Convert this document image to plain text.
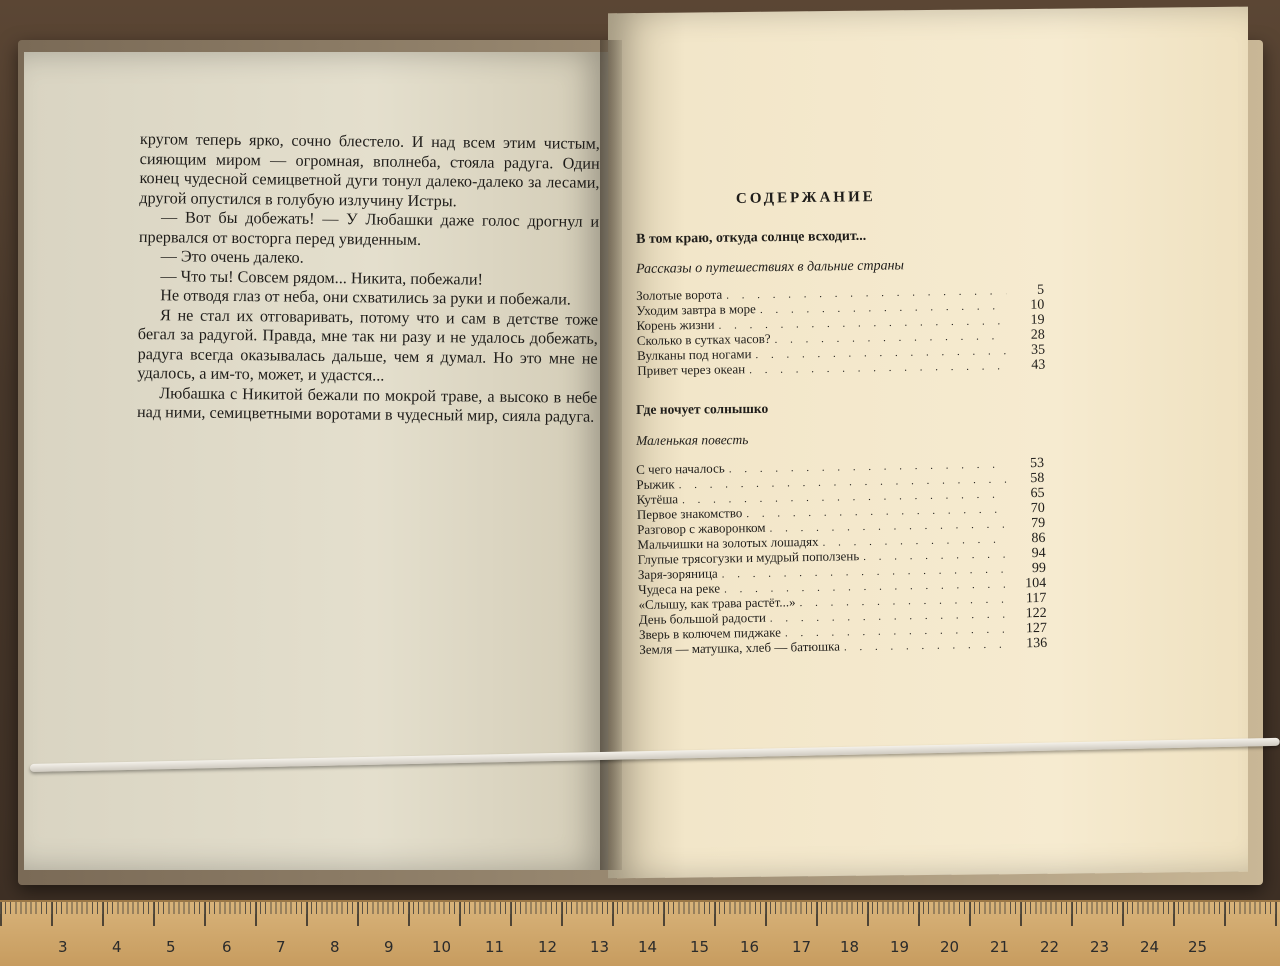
кругом теперь ярко, сочно блестело. И над всем этим чистым, сияющим миром — огромная, вполнеба, стояла радуга. Один конец чудесной семицветной дуги тонул далеко-далеко за лесами, другой опустился в голубую излучину Истры.

— Вот бы добежать! — У Любашки даже голос дрогнул и прервался от восторга перед увиденным.

— Это очень далеко.

— Что ты! Совсем рядом... Никита, побежали!

Не отводя глаз от неба, они схватились за руки и побежали.

Я не стал их отговаривать, потому что и сам в детстве тоже бегал за радугой. Правда, мне так ни разу и не удалось добежать, радуга всегда оказывалась дальше, чем я думал. Но это мне не удалось, а им-то, может, и удастся...

Любашка с Никитой бежали по мокрой траве, а высоко в небе над ними, семицветными воротами в чудесный мир, сияла радуга.

СОДЕРЖАНИЕ
В том краю, откуда солнце всходит...
Рассказы о путешествиях в дальние страны
Золотые ворота . . .	5
Уходим завтра в море . . .	10
Корень жизни . . .	19
Сколько в сутках часов? . . .	28
Вулканы под ногами . . .	35
Привет через океан . . .	43
Где ночует солнышко
Маленькая повесть
С чего началось . . .	53
Рыжик . . .	58
Кутёша . . .	65
Первое знакомство . . .	70
Разговор с жаворонком . . .	79
Мальчишки на золотых лошадях . . .	86
Глупые трясогузки и мудрый поползень . . .	94
Заря-зоряница . . .	99
Чудеса на реке . . .	104
«Слышу, как трава растёт...» . . .	117
День большой радости . . .	122
Зверь в колючем пиджаке . . .	127
Земля — матушка, хлеб — батюшка . . .	136
3	4	5	6	7	8	9	10 11 12 13 14 15 16 17 18 19 20 21 22 23 24 25
